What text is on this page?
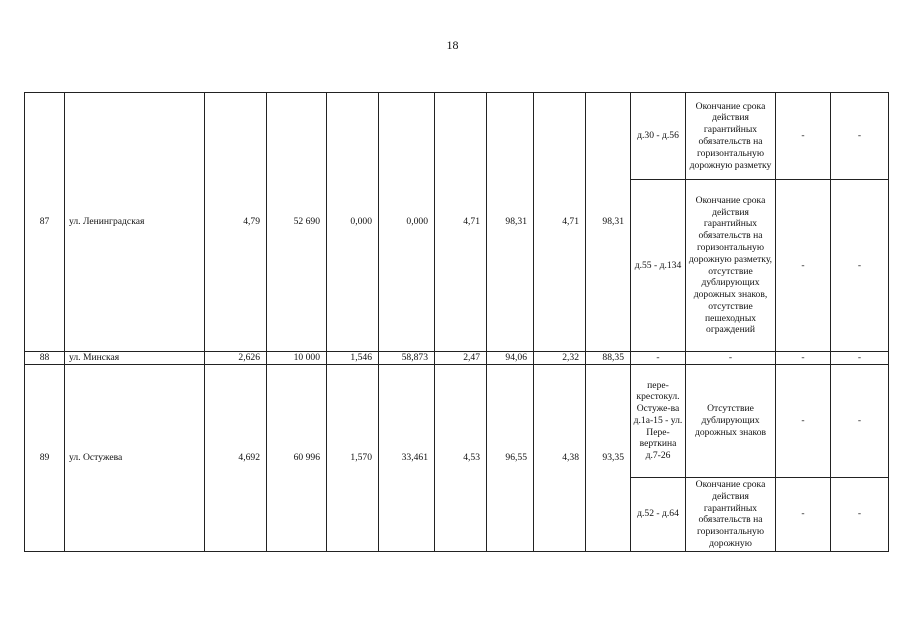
18
87	ул. Ленинградская	4,79	52 690	0,000	0,000	4,71	98,31	4,71	98,31	д.30 - д.56	Окончание срока действия гарантийных обязательств на горизонтальную дорожную разметку	-	-
										д.55 - д.134	Окончание срока действия гарантийных обязательств на горизонтальную дорожную разметку, отсутствие дублирующих дорожных знаков, отсутствие пешеходных ограждений	-	-
88	ул. Минская	2,626	10 000	1,546	58,873	2,47	94,06	2,32	88,35	-	-	-	-
89	ул. Остужева	4,692	60 996	1,570	33,461	4,53	96,55	4,38	93,35	пере-крестокул. Остуже-ва д.1а-15 - ул. Пере-верткина д.7-26	Отсутствие дублирующих дорожных знаков	-	-
										д.52 - д.64	Окончание срока действия гарантийных обязательств на горизонтальную дорожную	-	-
